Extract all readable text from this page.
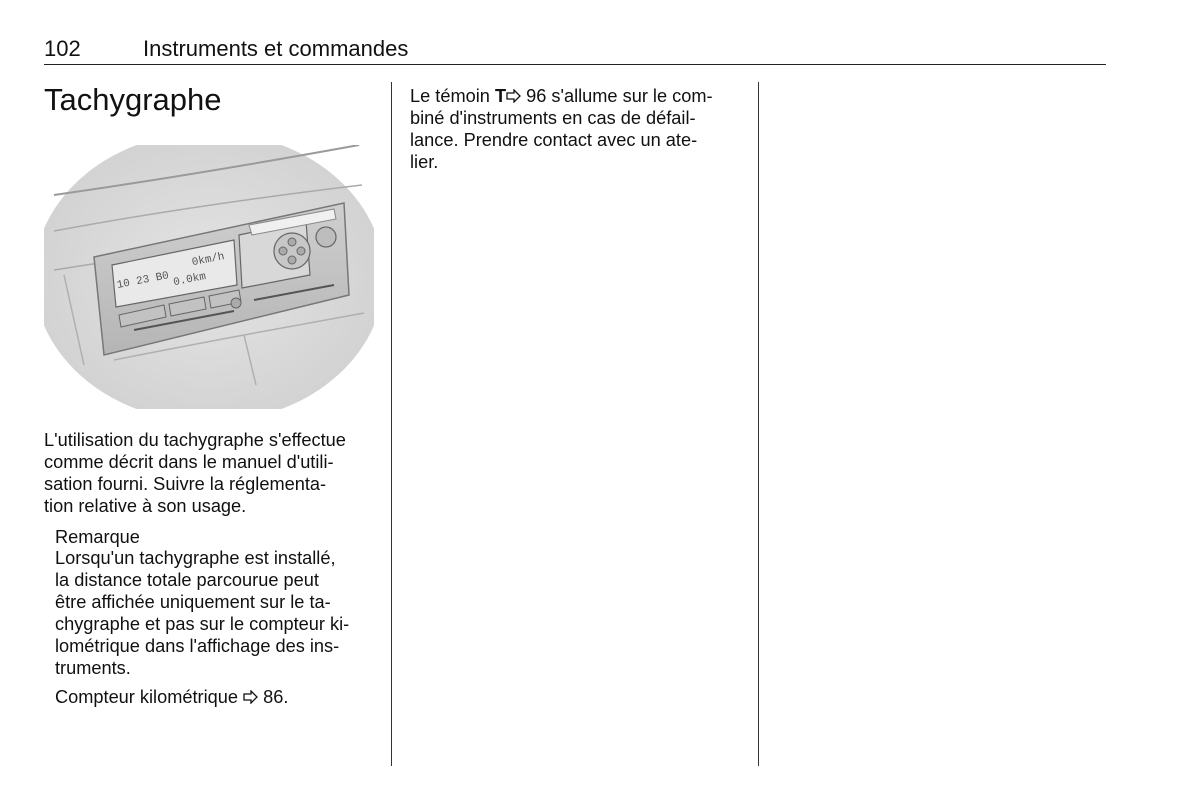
102	Instruments et commandes
Tachygraphe
10 23 B0
0km/h
0.0km

L'utilisation du tachygraphe s'effectue
comme décrit dans le manuel d'utili-
sation fourni. Suivre la réglementa-
tion relative à son usage.

Remarque

Lorsqu'un tachygraphe est installé,
la distance totale parcourue peut
être affichée uniquement sur le ta-
chygraphe et pas sur le compteur ki-
lométrique dans l'affichage des ins-
truments.

Compteur kilométrique 86.

Le témoin T 96 s'allume sur le com-
biné d'instruments en cas de défail-
lance. Prendre contact avec un ate-
lier.
